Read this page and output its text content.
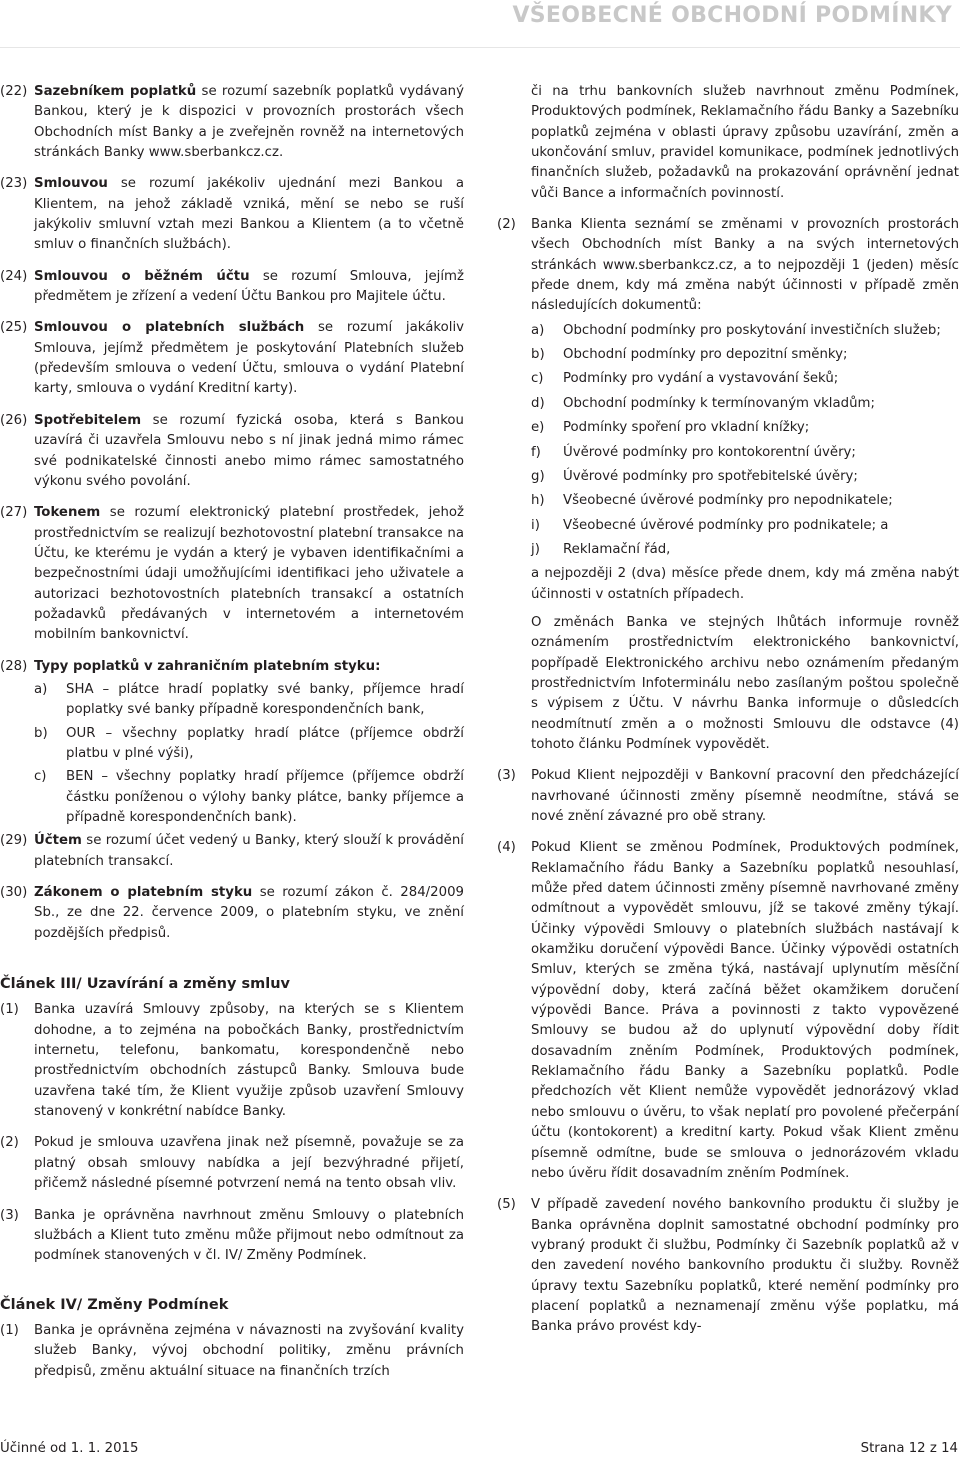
VŠEOBECNÉ OBCHODNÍ PODMÍNKY
(22) Sazebníkem poplatků se rozumí sazebník poplatků vydávaný Bankou, který je k dispozici v provozních prostorách všech Obchodních míst Banky a je zveřejněn rovněž na internetových stránkách Banky www.sberbankcz.cz.
(23) Smlouvou se rozumí jakékoliv ujednání mezi Bankou a Klientem, na jehož základě vzniká, mění se nebo se ruší jakýkoliv smluvní vztah mezi Bankou a Klientem (a to včetně smluv o finančních službách).
(24) Smlouvou o běžném účtu se rozumí Smlouva, jejímž předmětem je zřízení a vedení Účtu Bankou pro Majitele účtu.
(25) Smlouvou o platebních službách se rozumí jakákoliv Smlouva, jejímž předmětem je poskytování Platebních služeb (především smlouva o vedení Účtu, smlouva o vydání Platební karty, smlouva o vydání Kreditní karty).
(26) Spotřebitelem se rozumí fyzická osoba, která s Bankou uzavírá či uzavřela Smlouvu nebo s ní jinak jedná mimo rámec své podnikatelské činnosti anebo mimo rámec samostatného výkonu svého povolání.
(27) Tokenem se rozumí elektronický platební prostředek, jehož prostřednictvím se realizují bezhotovostní platební transakce na Účtu, ke kterému je vydán a který je vybaven identifikačními a bezpečnostními údaji umožňujícími identifikaci jeho uživatele a autorizaci bezhotovostních platebních transakcí a ostatních požadavků předávaných v internetovém a internetovém mobilním bankovnictví.
(28) Typy poplatků v zahraničním platebním styku:
a)	SHA – plátce hradí poplatky své banky, příjemce hradí poplatky své banky případně korespondenčních bank,
b)	OUR – všechny poplatky hradí plátce (příjemce obdrží platbu v plné výši),
c)	BEN – všechny poplatky hradí příjemce (příjemce obdrží částku poníženou o výlohy banky plátce, banky příjemce a případně korespondenčních bank).
(29) Účtem se rozumí účet vedený u Banky, který slouží k provádění platebních transakcí.
(30) Zákonem o platebním styku se rozumí zákon č. 284/2009 Sb., ze dne 22. července 2009, o platebním styku, ve znění pozdějších předpisů.
Článek III/ Uzavírání a změny smluv
(1)	Banka uzavírá Smlouvy způsoby, na kterých se s Klientem dohodne, a to zejména na pobočkách Banky, prostřednictvím internetu, telefonu, bankomatu, korespondenčně nebo prostřednictvím obchodních zástupců Banky. Smlouva bude uzavřena také tím, že Klient využije způsob uzavření Smlouvy stanovený v konkrétní nabídce Banky.
(2)	Pokud je smlouva uzavřena jinak než písemně, považuje se za platný obsah smlouvy nabídka a její bezvýhradné přijetí, přičemž následné písemné potvrzení nemá na tento obsah vliv.
(3)	Banka je oprávněna navrhnout změnu Smlouvy o platebních službách a Klient tuto změnu může přijmout nebo odmítnout za podmínek stanovených v čl. IV/ Změny Podmínek.
Článek IV/ Změny Podmínek
(1)	Banka je oprávněna zejména v návaznosti na zvyšování kvality služeb Banky, vývoj obchodní politiky, změnu právních předpisů, změnu aktuální situace na finančních trzích
či na trhu bankovních služeb navrhnout změnu Podmínek, Produktových podmínek, Reklamačního řádu Banky a Sazebníku poplatků zejména v oblasti úpravy způsobu uzavírání, změn a ukončování smluv, pravidel komunikace, podmínek jednotlivých finančních služeb, požadavků na prokazování oprávnění jednat vůči Bance a informačních povinností.
(2)	Banka Klienta seznámí se změnami v provozních prostorách všech Obchodních míst Banky a na svých internetových stránkách www.sberbankcz.cz, a to nejpozději 1 (jeden) měsíc přede dnem, kdy má změna nabýt účinnosti v případě změn následujících dokumentů:
a)	Obchodní podmínky pro poskytování investičních služeb;
b)	Obchodní podmínky pro depozitní směnky;
c)	Podmínky pro vydání a vystavování šeků;
d)	Obchodní podmínky k termínovaným vkladům;
e)	Podmínky spoření pro vkladní knížky;
f)	Úvěrové podmínky pro kontokorentní úvěry;
g)	Úvěrové podmínky pro spotřebitelské úvěry;
h)	Všeobecné úvěrové podmínky pro nepodnikatele;
i)	Všeobecné úvěrové podmínky pro podnikatele; a
j)	Reklamační řád,
a nejpozději 2 (dva) měsíce přede dnem, kdy má změna nabýt účinnosti v ostatních případech.
O změnách Banka ve stejných lhůtách informuje rovněž oznámením prostřednictvím elektronického bankovnictví, popřípadě Elektronického archivu nebo oznámením předaným prostřednictvím Infoterminálu nebo zasílaným poštou společně s výpisem z Účtu. V návrhu Banka informuje o důsledcích neodmítnutí změn a o možnosti Smlouvu dle odstavce (4) tohoto článku Podmínek vypovědět.
(3)	Pokud Klient nejpozději v Bankovní pracovní den předcházející navrhované účinnosti změny písemně neodmítne, stává se nové znění závazné pro obě strany.
(4)	Pokud Klient se změnou Podmínek, Produktových podmínek, Reklamačního řádu Banky a Sazebníku poplatků nesouhlasí, může před datem účinnosti změny písemně navrhované změny odmítnout a vypovědět smlouvu, jíž se takové změny týkají. Účinky výpovědi Smlouvy o platebních službách nastávají k okamžiku doručení výpovědi Bance. Účinky výpovědi ostatních Smluv, kterých se změna týká, nastávají uplynutím měsíční výpovědní doby, která začíná běžet okamžikem doručení výpovědi Bance. Práva a povinnosti z takto vypovězené Smlouvy se budou až do uplynutí výpovědní doby řídit dosavadním zněním Podmínek, Produktových podmínek, Reklamačního řádu Banky a Sazebníku poplatků. Podle předchozích vět Klient nemůže vypovědět jednorázový vklad nebo smlouvu o úvěru, to však neplatí pro povolené přečerpání účtu (kontokorent) a kreditní karty. Pokud však Klient změnu písemně odmítne, bude se smlouva o jednorázovém vkladu nebo úvěru řídit dosavadním zněním Podmínek.
(5)	V případě zavedení nového bankovního produktu či služby je Banka oprávněna doplnit samostatné obchodní podmínky pro vybraný produkt či službu, Podmínky či Sazebník poplatků až v den zavedení nového bankovního produktu či služby. Rovněž úpravy textu Sazebníku poplatků, které nemění podmínky pro placení poplatků a neznamenají změnu výše poplatku, má Banka právo provést kdy-
Účinné od 1. 1. 2015	Strana 12 z 14
